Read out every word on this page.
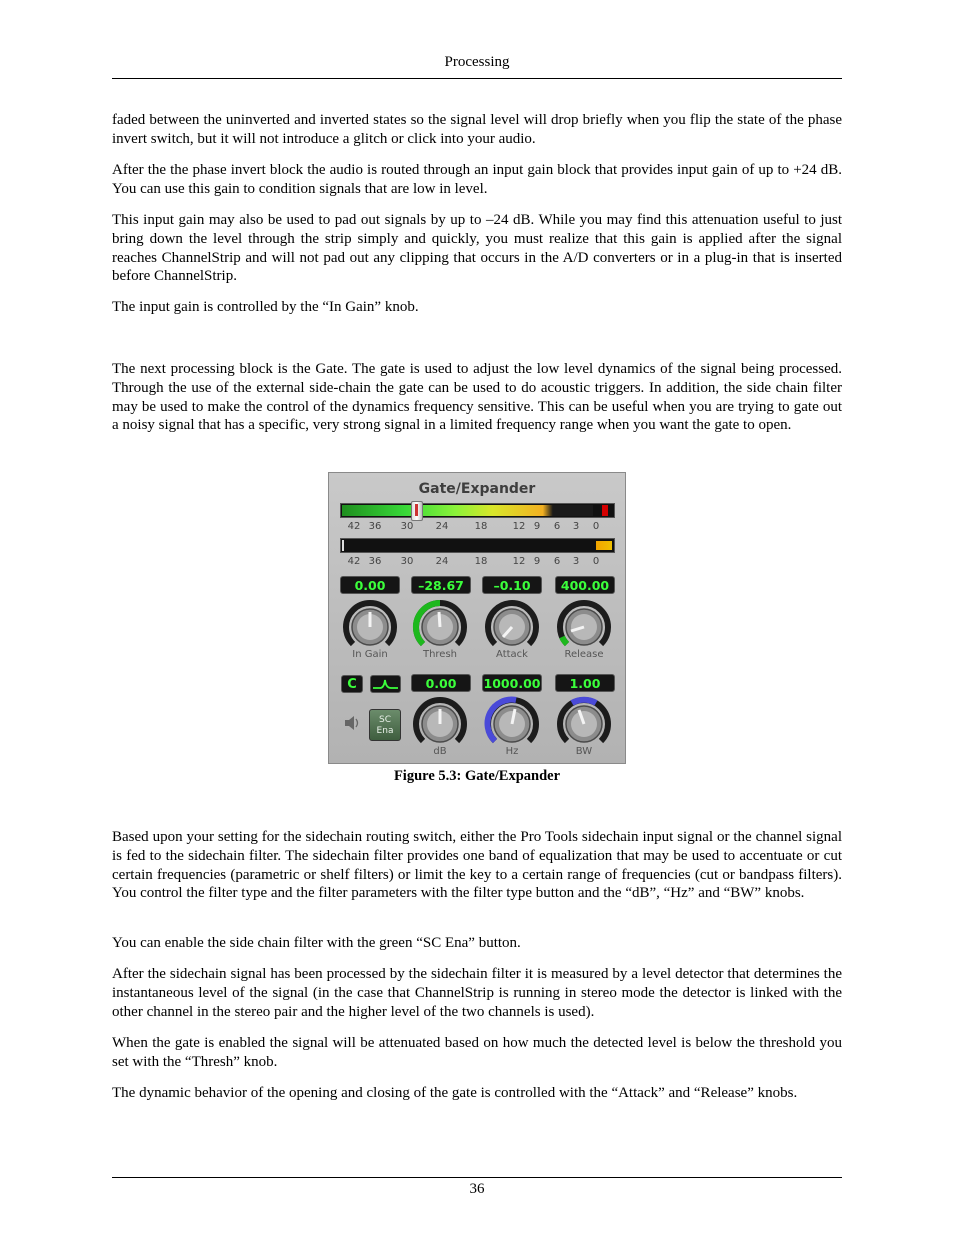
Processing

faded between the uninverted and inverted states so the signal level will drop briefly when you flip the state of the phase invert switch, but it will not introduce a glitch or click into your audio.

After the the phase invert block the audio is routed through an input gain block that provides input gain of up to +24 dB. You can use this gain to condition signals that are low in level.

This input gain may also be used to pad out signals by up to –24 dB. While you may find this attenuation useful to just bring down the level through the strip simply and quickly, you must realize that this gain is applied after the signal reaches ChannelStrip and will not pad out any clipping that occurs in the A/D converters or in a plug-in that is inserted before ChannelStrip.

The input gain is controlled by the “In Gain” knob.

The next processing block is the Gate. The gate is used to adjust the low level dynamics of the signal being processed. Through the use of the external side-chain the gate can be used to do acoustic triggers. In addition, the side chain filter may be used to make the control of the dynamics frequency sensitive. This can be useful when you are trying to gate out a noisy signal that has a specific, very strong signal in a limited frequency range when you want the gate to open.

Gate/Expander
42 36 30 24	18	12 9 6 3 0
42 36 30 24	18	12 9 6 3 0
0.00	–28.67	–0.10	400.00
In Gain	Thresh	Attack	Release
C	0.00	1000.00	1.00
SC
Ena
dB	Hz	BW
Figure 5.3: Gate/Expander

Based upon your setting for the sidechain routing switch, either the Pro Tools sidechain input signal or the channel signal is fed to the sidechain filter. The sidechain filter provides one band of equalization that may be used to accentuate or cut certain frequencies (parametric or shelf filters) or limit the key to a certain range of frequencies (cut or bandpass filters). You control the filter type and the filter parameters with the filter type button and the “dB”, “Hz” and “BW” knobs.

You can enable the side chain filter with the green “SC Ena” button.

After the sidechain signal has been processed by the sidechain filter it is measured by a level detector that determines the instantaneous level of the signal (in the case that ChannelStrip is running in stereo mode the detector is linked with the other channel in the stereo pair and the higher level of the two channels is used).

When the gate is enabled the signal will be attenuated based on how much the detected level is below the threshold you set with the “Thresh” knob.

The dynamic behavior of the opening and closing of the gate is controlled with the “Attack” and “Release” knobs.

36
